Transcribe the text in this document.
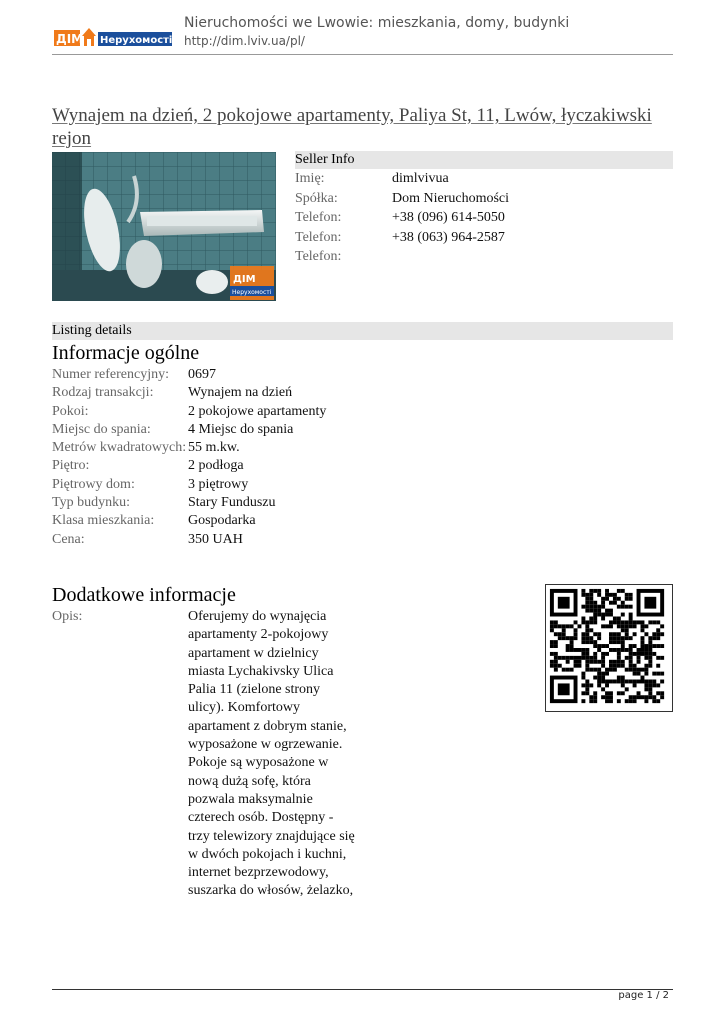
ДІМ Нерухомості
Nieruchomości we Lwowie: mieszkania, domy, budynki
http://dim.lviv.ua/pl/
Wynajem na dzień, 2 pokojowe apartamenty, Paliya St, 11, Lwów, łyczakiwski rejon
ДІМ
Нерухомості
Seller Info
Imię:	dimlvivua
Spółka:	Dom Nieruchomości
Telefon:	+38 (096) 614-5050
Telefon:	+38 (063) 964-2587
Telefon:
Listing details
Informacje ogólne
Numer referencyjny:	0697
Rodzaj transakcji:	Wynajem na dzień
Pokoi:	2 pokojowe apartamenty
Miejsc do spania:	4 Miejsc do spania
Metrów kwadratowych: 55 m.kw.
Piętro:	2 podłoga
Piętrowy dom:	3 piętrowy
Typ budynku:	Stary Funduszu
Klasa mieszkania:	Gospodarka
Cena:	350 UAH
Dodatkowe informacje
Opis:	Oferujemy do wynajęcia apartamenty 2-pokojowy apartament w dzielnicy miasta Lychakivsky Ulica Palia 11 (zielone strony ulicy). Komfortowy apartament z dobrym stanie, wyposażone w ogrzewanie. Pokoje są wyposażone w nową dużą sofę, która pozwala maksymalnie czterech osób. Dostępny - trzy telewizory znajdujące się w dwóch pokojach i kuchni, internet bezprzewodowy, suszarka do włosów, żelazko,
page 1 / 2
